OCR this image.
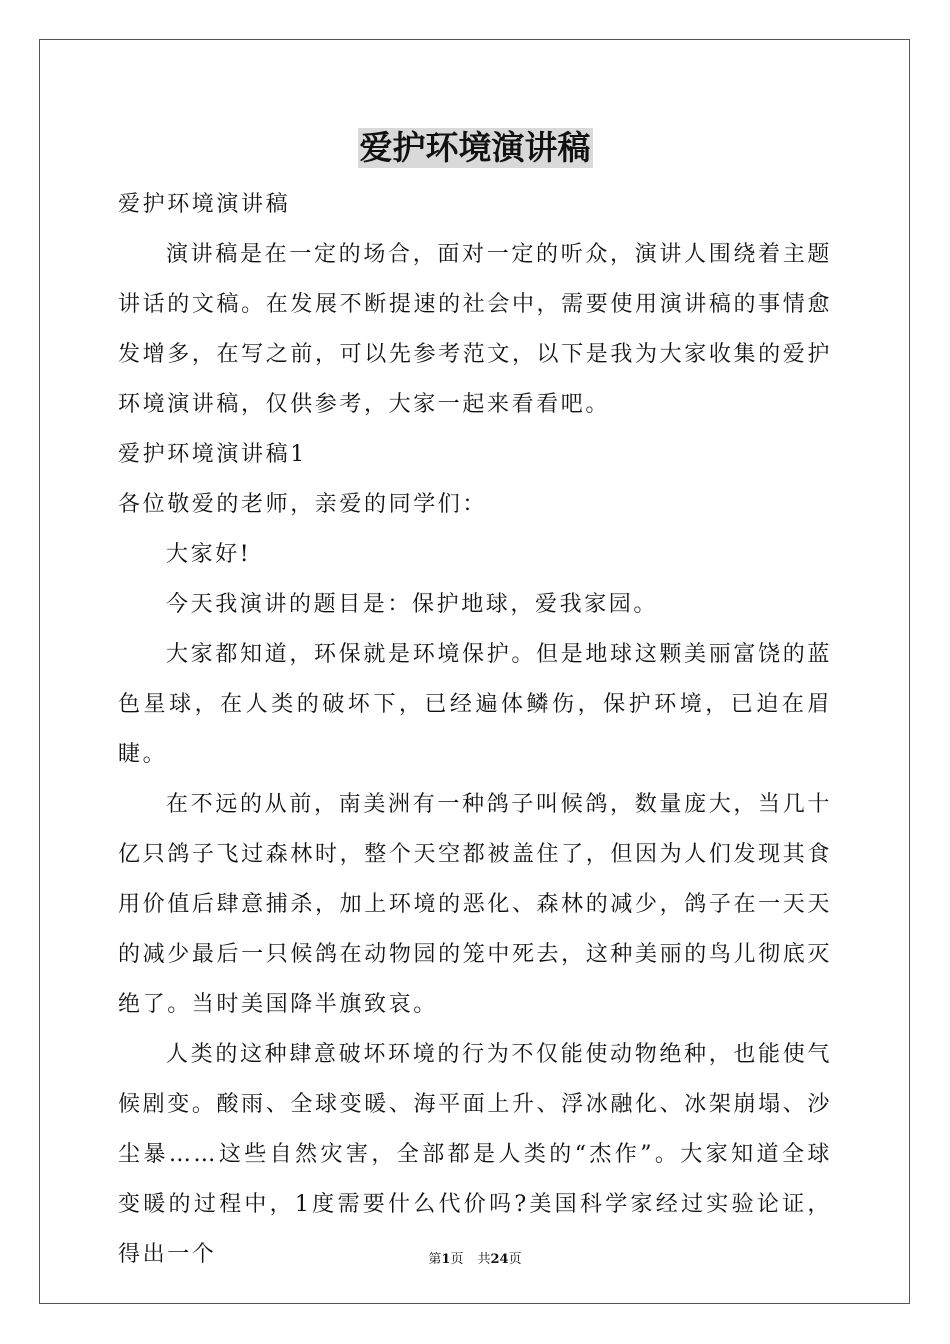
爱护环境演讲稿

爱护环境演讲稿

演讲稿是在一定的场合，面对一定的听众，演讲人围绕着主题讲话的文稿。在发展不断提速的社会中，需要使用演讲稿的事情愈发增多，在写之前，可以先参考范文，以下是我为大家收集的爱护环境演讲稿，仅供参考，大家一起来看看吧。

爱护环境演讲稿1

各位敬爱的老师，亲爱的同学们：

大家好!

今天我演讲的题目是：保护地球，爱我家园。

大家都知道，环保就是环境保护。但是地球这颗美丽富饶的蓝色星球，在人类的破坏下，已经遍体鳞伤，保护环境，已迫在眉睫。

在不远的从前，南美洲有一种鸽子叫候鸽，数量庞大，当几十亿只鸽子飞过森林时，整个天空都被盖住了，但因为人们发现其食用价值后肆意捕杀，加上环境的恶化、森林的减少，鸽子在一天天的减少最后一只候鸽在动物园的笼中死去，这种美丽的鸟儿彻底灭绝了。当时美国降半旗致哀。

人类的这种肆意破坏环境的行为不仅能使动物绝种，也能使气候剧变。酸雨、全球变暖、海平面上升、浮冰融化、冰架崩塌、沙尘暴……这些自然灾害，全部都是人类的“杰作”。大家知道全球变暖的过程中，1度需要什么代价吗?美国科学家经过实验论证，得出一个	第1页 共24页
